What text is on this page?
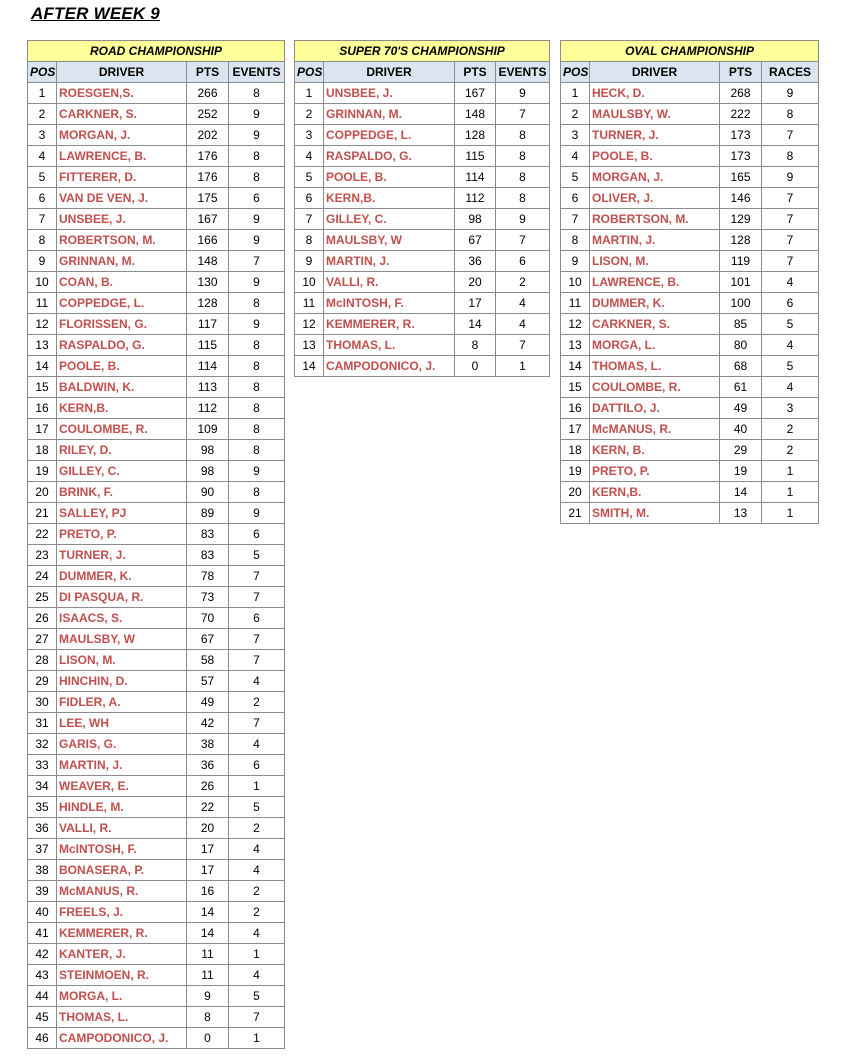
AFTER WEEK 9
ROAD CHAMPIONSHIP			
POS	DRIVER	PTS	EVENTS
1	ROESGEN,S.	266	8
2	CARKNER, S.	252	9
3	MORGAN, J.	202	9
4	LAWRENCE, B.	176	8
5	FITTERER, D.	176	8
6	VAN DE VEN, J.	175	6
7	UNSBEE, J.	167	9
8	ROBERTSON, M.	166	9
9	GRINNAN, M.	148	7
10	COAN, B.	130	9
11	COPPEDGE, L.	128	8
12	FLORISSEN, G.	117	9
13	RASPALDO, G.	115	8
14	POOLE, B.	114	8
15	BALDWIN, K.	113	8
16	KERN,B.	112	8
17	COULOMBE, R.	109	8
18	RILEY, D.	98	8
19	GILLEY, C.	98	9
20	BRINK, F.	90	8
21	SALLEY, PJ	89	9
22	PRETO, P.	83	6
23	TURNER, J.	83	5
24	DUMMER, K.	78	7
25	DI PASQUA, R.	73	7
26	ISAACS, S.	70	6
27	MAULSBY, W	67	7
28	LISON, M.	58	7
29	HINCHIN, D.	57	4
30	FIDLER, A.	49	2
31	LEE, WH	42	7
32	GARIS, G.	38	4
33	MARTIN, J.	36	6
34	WEAVER, E.	26	1
35	HINDLE, M.	22	5
36	VALLI, R.	20	2
37	McINTOSH, F.	17	4
38	BONASERA, P.	17	4
39	McMANUS, R.	16	2
40	FREELS, J.	14	2
41	KEMMERER, R.	14	4
42	KANTER, J.	11	1
43	STEINMOEN, R.	11	4
44	MORGA, L.	9	5
45	THOMAS, L.	8	7
46	CAMPODONICO, J.	0	1
SUPER 70'S CHAMPIONSHIP			
POS	DRIVER	PTS	EVENTS
1	UNSBEE, J.	167	9
2	GRINNAN, M.	148	7
3	COPPEDGE, L.	128	8
4	RASPALDO, G.	115	8
5	POOLE, B.	114	8
6	KERN,B.	112	8
7	GILLEY, C.	98	9
8	MAULSBY, W	67	7
9	MARTIN, J.	36	6
10	VALLI, R.	20	2
11	McINTOSH, F.	17	4
12	KEMMERER, R.	14	4
13	THOMAS, L.	8	7
14	CAMPODONICO, J.	0	1
OVAL CHAMPIONSHIP			
POS	DRIVER	PTS	RACES
1	HECK, D.	268	9
2	MAULSBY, W.	222	8
3	TURNER, J.	173	7
4	POOLE, B.	173	8
5	MORGAN, J.	165	9
6	OLIVER, J.	146	7
7	ROBERTSON, M.	129	7
8	MARTIN, J.	128	7
9	LISON, M.	119	7
10	LAWRENCE, B.	101	4
11	DUMMER, K.	100	6
12	CARKNER, S.	85	5
13	MORGA, L.	80	4
14	THOMAS, L.	68	5
15	COULOMBE, R.	61	4
16	DATTILO, J.	49	3
17	McMANUS, R.	40	2
18	KERN, B.	29	2
19	PRETO, P.	19	1
20	KERN,B.	14	1
21	SMITH, M.	13	1
